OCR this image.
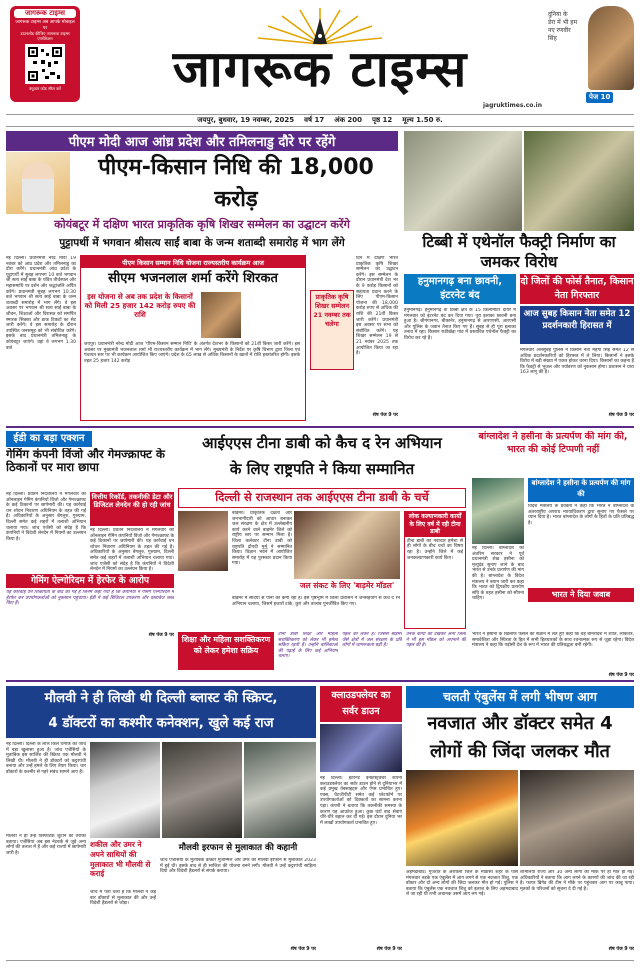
जागरूक टाइम्स
जागरूक टाइम्स अब आपके मोबाइल पर
डाउनलोड कीजिए जागरूक टाइम्स एप्लीकेशन
क्यूआर कोड स्कैन करें	जागरूक टाइम्स
दुनिया के
डेरा में भी हम
नए रणवीर
सिंह
पेज 10
jagruktimes.co.in
जयपुर, बुधवार, 19 नवम्बर, 2025 वर्ष 17 अंक 200 पृष्ठ 12 मूल्य 1.50 रु.
पीएम मोदी आज आंध्र प्रदेश और तमिलनाडु दौरे पर रहेंगे
पीएम-किसान निधि की 18,000 करोड़
कोयंबटूर में दक्षिण भारत प्राकृतिक कृषि शिखर सम्मेलन का उद्घाटन करेंगे
पुट्टापर्थी में भगवान श्रीसत्य साईं बाबा के जन्म शताब्दी समारोह में भाग लेंगे
नई दिल्ली। प्रधानमंत्री नरेंद्र मोदी 19 नवंबर को आंध्र प्रदेश और तमिलनाडु का दौरा करेंगे। प्रधानमंत्री आंध्र प्रदेश के पुट्टापर्थी में सुबह लगभग 10 बजे भगवान श्री सत्य साईं बाबा के पवित्र तीर्थस्थल और महासमाधि पर दर्शन और श्रद्धांजलि अर्पित करेंगे। प्रधानमंत्री सुबह लगभग 10.30 बजे भगवान श्री सत्य साईं बाबा के जन्म शताब्दी समारोह में भाग लेंगे। वे इस अवसर पर भगवान श्री सत्य साईं बाबा के जीवन, शिक्षाओं और विरासत को समर्पित स्मारक सिक्का और डाक टिकटों का सेट जारी करेंगे। वे इस समारोह के दौरान उपस्थित जनसमूह को भी संबोधित करेंगे। इसके बाद प्रधानमंत्री तमिलनाडु के कोयंबटूर जाएंगे। वहां वे लगभग 1.30 बजे
पीएम किसान सम्मान निधि योजना राज्यस्तरीय कार्यक्रम आज
सीएम भजनलाल शर्मा करेंगे शिरकत
इस योजना से अब तक प्रदेश के किसानों को मिली 25 हजार 142 करोड़ रुपए की राशि
जयपुर। प्रधानमंत्री नरेन्द्र मोदी आज 'पीएम-किसान सम्मान निधि' के अंतर्गत देशभर के किसानों को 21वीं किस्त जारी करेंगे। इस अवसर पर मुख्यमंत्री भजनलाल शर्मा भी राज्यस्तरीय कार्यक्रम में भाग लेंगे। मुख्यमंत्री के निर्देश पर कृषि विभाग द्वारा जिला एवं पंचायत स्तर पर भी कार्यक्रम आयोजित किए जाएंगे। प्रदेश के 65 लाख से अधिक किसानों के खातों में राशि हस्तांतरित होगी। इसके तहत 25 हजार 142 करोड़
प्राकृतिक कृषि शिखर सम्मेलन 21 नवम्बर तक चलेगा
दिन में दक्षिण भारत प्राकृतिक कृषि शिखर सम्मेलन का उद्घाटन करेंगे। इस सम्मेलन के दौरान प्रधानमंत्री देश भर के 9 करोड़ किसानों को सहायता प्रदान करने के लिए पीएम-किसान योजना की 18,000 करोड़ रुपए से अधिक की राशि की 21वीं किस्त जारी करेंगे। प्रधानमंत्री इस अवसर पर सभा को संबोधित करेंगे। यह शिखर सम्मेलन 19 से 21 नवंबर 2025 तक आयोजित किया जा रहा है।
शेष पेज 9 पर
टिब्बी में एथेनॉल फैक्ट्री निर्माण का जमकर विरोध
हनुमानगढ़ बना छावनी, इंटरनेट बंद
दो जिलों की फोर्स तैनात, किसान नेता गिरफ्तार
हनुमानगढ़। हनुमानगढ़ के टिब्बी क्षेत्र के 15 किलोमीटर दायरे में मंगलवार को इंटरनेट बंद कर दिया गया। पूरा इलाका छावनी बना हुआ है। श्रीगंगानगर, बीकानेर, हनुमानगढ़ से आरएएसी, आरएसी और पुलिस के जवान तैनात किए गए हैं। सुबह से ही पूरा इलाका तनाव में रहा। किसान राठीखेड़ा गांव में प्रस्तावित एथेनॉल फैक्ट्री का विरोध कर रहे हैं।
आज सुबह किसान नेता समेत 12 प्रदर्शनकारी हिरासत में
मंगलवार अलसुबह पुलिस ने किसान नेता महंगा सिंह समेत 12 से अधिक प्रदर्शनकारियों को हिरासत में ले लिया। किसानों ने इसके विरोध में बड़ी संख्या में एकत्र होकर धरना दिया। किसानों का कहना है कि फैक्ट्री से भूजल और पर्यावरण को नुकसान होगा। प्रशासन ने धारा 163 लागू की है।
शेष पेज 9 पर
ईडी का बड़ा एक्शन
गेमिंग कंपनी विंजो और गेमज्क्राफ्ट के ठिकानों पर मारा छापा
नई दिल्ली। प्रवर्तन निदेशालय ने मंगलवार को ऑनलाइन गेमिंग कंपनियों विंजो और गेमज्क्राफ्ट के कई ठिकानों पर छापेमारी की। यह कार्रवाई धन शोधन निवारण अधिनियम के तहत की गई है। अधिकारियों के अनुसार बेंगलुरु, गुरुग्राम, दिल्ली समेत कई शहरों में तलाशी अभियान चलाया गया। जांच एजेंसी को संदेह है कि कंपनियों ने विदेशी लेनदेन में नियमों का उल्लंघन किया है।
वित्तीय रिकॉर्ड, तकनीकी डेटा और डिजिटल लेनदेन की हो रही जांच
नई दिल्ली। प्रवर्तन निदेशालय ने मंगलवार को ऑनलाइन गेमिंग कंपनियों विंजो और गेमज्क्राफ्ट के कई ठिकानों पर छापेमारी की। यह कार्रवाई धन शोधन निवारण अधिनियम के तहत की गई है। अधिकारियों के अनुसार बेंगलुरु, गुरुग्राम, दिल्ली समेत कई शहरों में तलाशी अभियान चलाया गया। जांच एजेंसी को संदेह है कि कंपनियों ने विदेशी लेनदेन में नियमों का उल्लंघन किया है।
गेमिंग ऐल्गोरिदम में हेरफेर के आरोप
यह कार्रवाई उन शिकायतों के बाद की गई है जिनमें कहा गया है कि कंपनियों ने गेमिंग एल्गोरिदम में हेरफेर कर उपयोगकर्ताओं को नुकसान पहुंचाया। ईडी ने कई डिजिटल उपकरण और दस्तावेज जब्त किए हैं।
शेष पेज 9 पर
आईएएस टीना डाबी को कैच द रेन अभियान
के लिए राष्ट्रपति ने किया सम्मानित
दिल्ली से राजस्थान तक आईएएस टीना डाबी के चर्चे
बाड़मेर। प्राकृतिक दक्षता और जनभागीदारी को आधार बनाकर जल संरक्षण के क्षेत्र में उल्लेखनीय कार्य करने वाले बाड़मेर जिले को राष्ट्रीय स्तर पर सम्मान मिला है। जिला कलेक्टर टीना डाबी को राष्ट्रपति द्रौपदी मुर्मू ने सम्मानित किया। विज्ञान भवन में आयोजित समारोह में यह पुरस्कार प्रदान किया गया।
जल संकट के लिए 'बाड़मेर मॉडल'
बाड़मेर में सदियों से पानी की कमी रही है। इस पृष्ठभूमि में जिला प्रशासन ने जनसहयोग से कैच द रेन अभियान चलाया, जिसमें हजारों टांके, कुएं और तालाब पुनर्जीवित किए गए।
लोक कल्याणकारी कार्यों के लिए वर्ष में रही टीना डाबी
टीना डाबी का नवाचार हमेशा से ही लोगों के बीच चर्चा का विषय रहा है। उन्होंने जिले में कई जनकल्याणकारी कार्य किए।
शिक्षा और महिला सशक्तिकरण को लेकर हमेशा सक्रिय
टीना डाबी शिक्षा और महिला सशक्तिकरण को लेकर भी हमेशा सक्रिय रहती हैं। उन्होंने बालिकाओं की पढ़ाई के लिए कई अभियान चलाए।
पहल को लेकर है। जिससे बाड़मेर जैसे क्षेत्रों में जल संरक्षण के प्रति लोगों में जागरूकता बढ़ी है।
उनके कार्यों को देखकर अन्य जिलों ने भी इस मॉडल को अपनाने की पहल की है।
बांग्लादेश ने हसीना के प्रत्यर्पण की मांग की, भारत की कोई टिप्पणी नहीं
बांग्लादेश ने हसीना के प्रत्यर्पण की मांग की
नई दिल्ली। बांग्लादेश की अंतरिम सरकार ने पूर्व प्रधानमंत्री शेख हसीना को मृत्युदंड सुनाए जाने के बाद भारत से उनके प्रत्यर्पण की मांग की है। बांग्लादेश के विदेश मंत्रालय ने बयान जारी कर कहा कि भारत को द्विपक्षीय प्रत्यर्पण संधि के तहत हसीना को सौंपना चाहिए।
विदेश मंत्रालय के प्रवक्ता ने कहा कि भारत ने बांग्लादेश के अंतरराष्ट्रीय अपराध न्यायाधिकरण द्वारा सुनाए गए फैसले पर ध्यान दिया है। भारत बांग्लादेश के लोगों के हितों के प्रति प्रतिबद्ध है।
भारत ने दिया जवाब
भारत ने हसीना के खिलाफ फैसले को संज्ञान में लेते हुए कहा कि वह बांग्लादेश में शांति, लोकतंत्र, समावेशिता और स्थिरता के हित में सभी हितधारकों के साथ रचनात्मक रूप से जुड़ा रहेगा। विदेश मंत्रालय ने कहा कि पड़ोसी देश के रूप में भारत की प्रतिबद्धता बनी रहेगी।
शेष पेज 9 पर
मौलवी ने ही लिखी थी दिल्ली ब्लास्ट की स्क्रिप्ट,
4 डॉक्टरों का कश्मीर कनेक्शन, खुले कई राज
नई दिल्ली। दिल्ली के लाल किले धमाके की जांच में बड़ा खुलासा हुआ है। जांच एजेंसियों के मुताबिक इस साजिश की स्क्रिप्ट एक मौलवी ने लिखी थी। मौलवी ने ही डॉक्टरों को कट्टरपंथी बनाया और उन्हें हमले के लिए तैयार किया। चार डॉक्टरों के कश्मीर से गहरे संबंध सामने आए हैं।
मौलवी ने ही उन्हें विस्फोटक जुटाने का तरीका बताया। एजेंसियां अब इस नेटवर्क से जुड़े अन्य लोगों की तलाश में हैं और कई राज्यों में छापेमारी जारी है।
शकील और उमर ने अपने साथियों की मुलाकात भी मौलवी से कराई
जांच में पता चला है कि मौलवी ने कई बार डॉक्टरों से मुलाकात की और उन्हें विदेशी हैंडलरों से जोड़ा।
मौलवी इरफान से मुलाकात की कहानी
जांच एजेंसियों के मुताबिक डॉक्टर मुजम्मिल और उमर की मौलवी इरफान से मुलाकात 2023 में हुई थी। इसके बाद से ही साजिश की योजना बनने लगी। मौलवी ने उन्हें कट्टरपंथी साहित्य दिया और विदेशी हैंडलरों से संपर्क कराया।
शेष पेज 9 पर
क्लाउडफ्लेयर का सर्वर डाउन
नई दिल्ली। इंटरनेट इन्फ्रास्ट्रक्चर कंपनी क्लाउडफ्लेयर का सर्वर डाउन होने से दुनियाभर में कई प्रमुख वेबसाइट्स और ऐप्स प्रभावित हुए। एक्स, चैटजीपीटी समेत कई प्लेटफॉर्म पर उपयोगकर्ताओं को दिक्कतों का सामना करना पड़ा। कंपनी ने बताया कि तकनीकी समस्या के कारण यह आउटेज हुआ। कुछ घंटों बाद सेवाएं धीरे-धीरे बहाल कर दी गईं। इस दौरान दुनिया भर में लाखों उपयोगकर्ता प्रभावित हुए।
शेष पेज 9 पर
चलती एंबुलेंस में लगी भीषण आग
नवजात और डॉक्टर समेत 4
लोगों की जिंदा जलकर मौत
अहमदाबाद। गुजरात के अरावली जिले के मोडासा शहर के पास मंगलवार तड़के एक एंबुलेंस में आग लगने से एक नवजात शिशु, एक डॉक्टर और दो अन्य लोगों की जिंदा जलकर मौत हो गई। पुलिस ने बताया कि एंबुलेंस एक नवजात शिशु को इलाज के लिए अहमदाबाद ले जा रही थी तभी अचानक उसमें आग लग गई।
शामलिया राज्य और 30 अन्य लोगों की मौके पर ही मौत हो गई। अधिकारियों ने बताया कि आग लगने के कारणों की जांच की जा रही है। फायर ब्रिगेड की टीम ने मौके पर पहुंचकर आग पर काबू पाया। मृतकों के परिजनों को सूचना दे दी गई है।
शेष पेज 9 पर
